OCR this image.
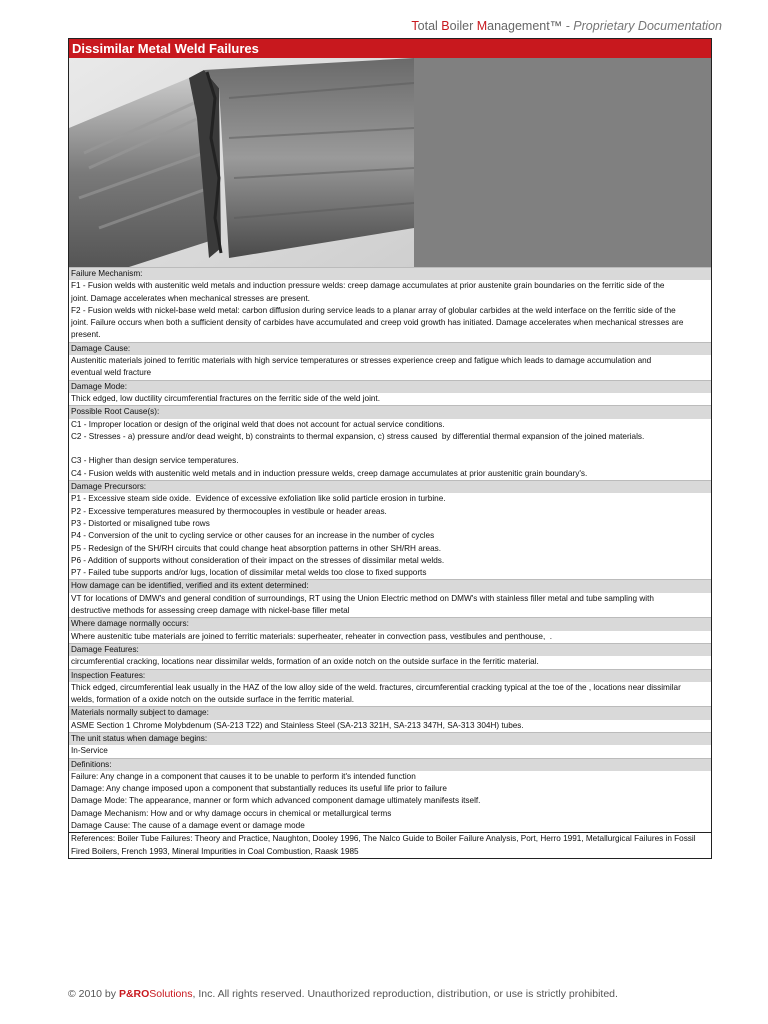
Total Boiler Management™ - Proprietary Documentation
Dissimilar Metal Weld Failures
Failure Mechanism:
F1 - Fusion welds with austenitic weld metals and induction pressure welds: creep damage accumulates at prior austenite grain boundaries on the ferritic side of the
joint. Damage accelerates when mechanical stresses are present.
F2 - Fusion welds with nickel-base weld metal: carbon diffusion during service leads to a planar array of globular carbides at the weld interface on the ferritic side of the
joint. Failure occurs when both a sufficient density of carbides have accumulated and creep void growth has initiated. Damage accelerates when mechanical stresses are
present.
Damage Cause:
Austenitic materials joined to ferritic materials with high service temperatures or stresses experience creep and fatigue which leads to damage accumulation and
eventual weld fracture
Damage Mode:
Thick edged, low ductility circumferential fractures on the ferritic side of the weld joint.
Possible Root Cause(s):
C1 - Improper location or design of the original weld that does not account for actual service conditions.
C2 - Stresses - a) pressure and/or dead weight, b) constraints to thermal expansion, c) stress caused  by differential thermal expansion of the joined materials.

C3 - Higher than design service temperatures.
C4 - Fusion welds with austenitic weld metals and in induction pressure welds, creep damage accumulates at prior austenitic grain boundary's.
Damage Precursors:
P1 - Excessive steam side oxide.  Evidence of excessive exfoliation like solid particle erosion in turbine.
P2 - Excessive temperatures measured by thermocouples in vestibule or header areas.
P3 - Distorted or misaligned tube rows
P4 - Conversion of the unit to cycling service or other causes for an increase in the number of cycles
P5 - Redesign of the SH/RH circuits that could change heat absorption patterns in other SH/RH areas.
P6 - Addition of supports without consideration of their impact on the stresses of dissimilar metal welds.
P7 - Failed tube supports and/or lugs, location of dissimilar metal welds too close to fixed supports
How damage can be identified, verified and its extent determined:
VT for locations of DMW's and general condition of surroundings, RT using the Union Electric method on DMW's with stainless filler metal and tube sampling with
destructive methods for assessing creep damage with nickel-base filler metal
Where damage normally occurs:
Where austenitic tube materials are joined to ferritic materials: superheater, reheater in convection pass, vestibules and penthouse,  .
Damage Features:
circumferential cracking, locations near dissimilar welds, formation of an oxide notch on the outside surface in the ferritic material.
Inspection Features:
Thick edged, circumferential leak usually in the HAZ of the low alloy side of the weld. fractures, circumferential cracking typical at the toe of the , locations near dissimilar
welds, formation of a oxide notch on the outside surface in the ferritic material.
Materials normally subject to damage:
ASME Section 1 Chrome Molybdenum (SA-213 T22) and Stainless Steel (SA-213 321H, SA-213 347H, SA-313 304H) tubes.
The unit status when damage begins:
In-Service
Definitions:
Failure: Any change in a component that causes it to be unable to perform it's intended function
Damage: Any change imposed upon a component that substantially reduces its useful life prior to failure
Damage Mode: The appearance, manner or form which advanced component damage ultimately manifests itself.
Damage Mechanism: How and or why damage occurs in chemical or metallurgical terms
Damage Cause: The cause of a damage event or damage mode
References: Boiler Tube Failures: Theory and Practice, Naughton, Dooley 1996, The Nalco Guide to Boiler Failure Analysis, Port, Herro 1991, Metallurgical Failures in Fossil
Fired Boilers, French 1993, Mineral Impurities in Coal Combustion, Raask 1985
© 2010 by P&ROSolutions, Inc. All rights reserved. Unauthorized reproduction, distribution, or use is strictly prohibited.
